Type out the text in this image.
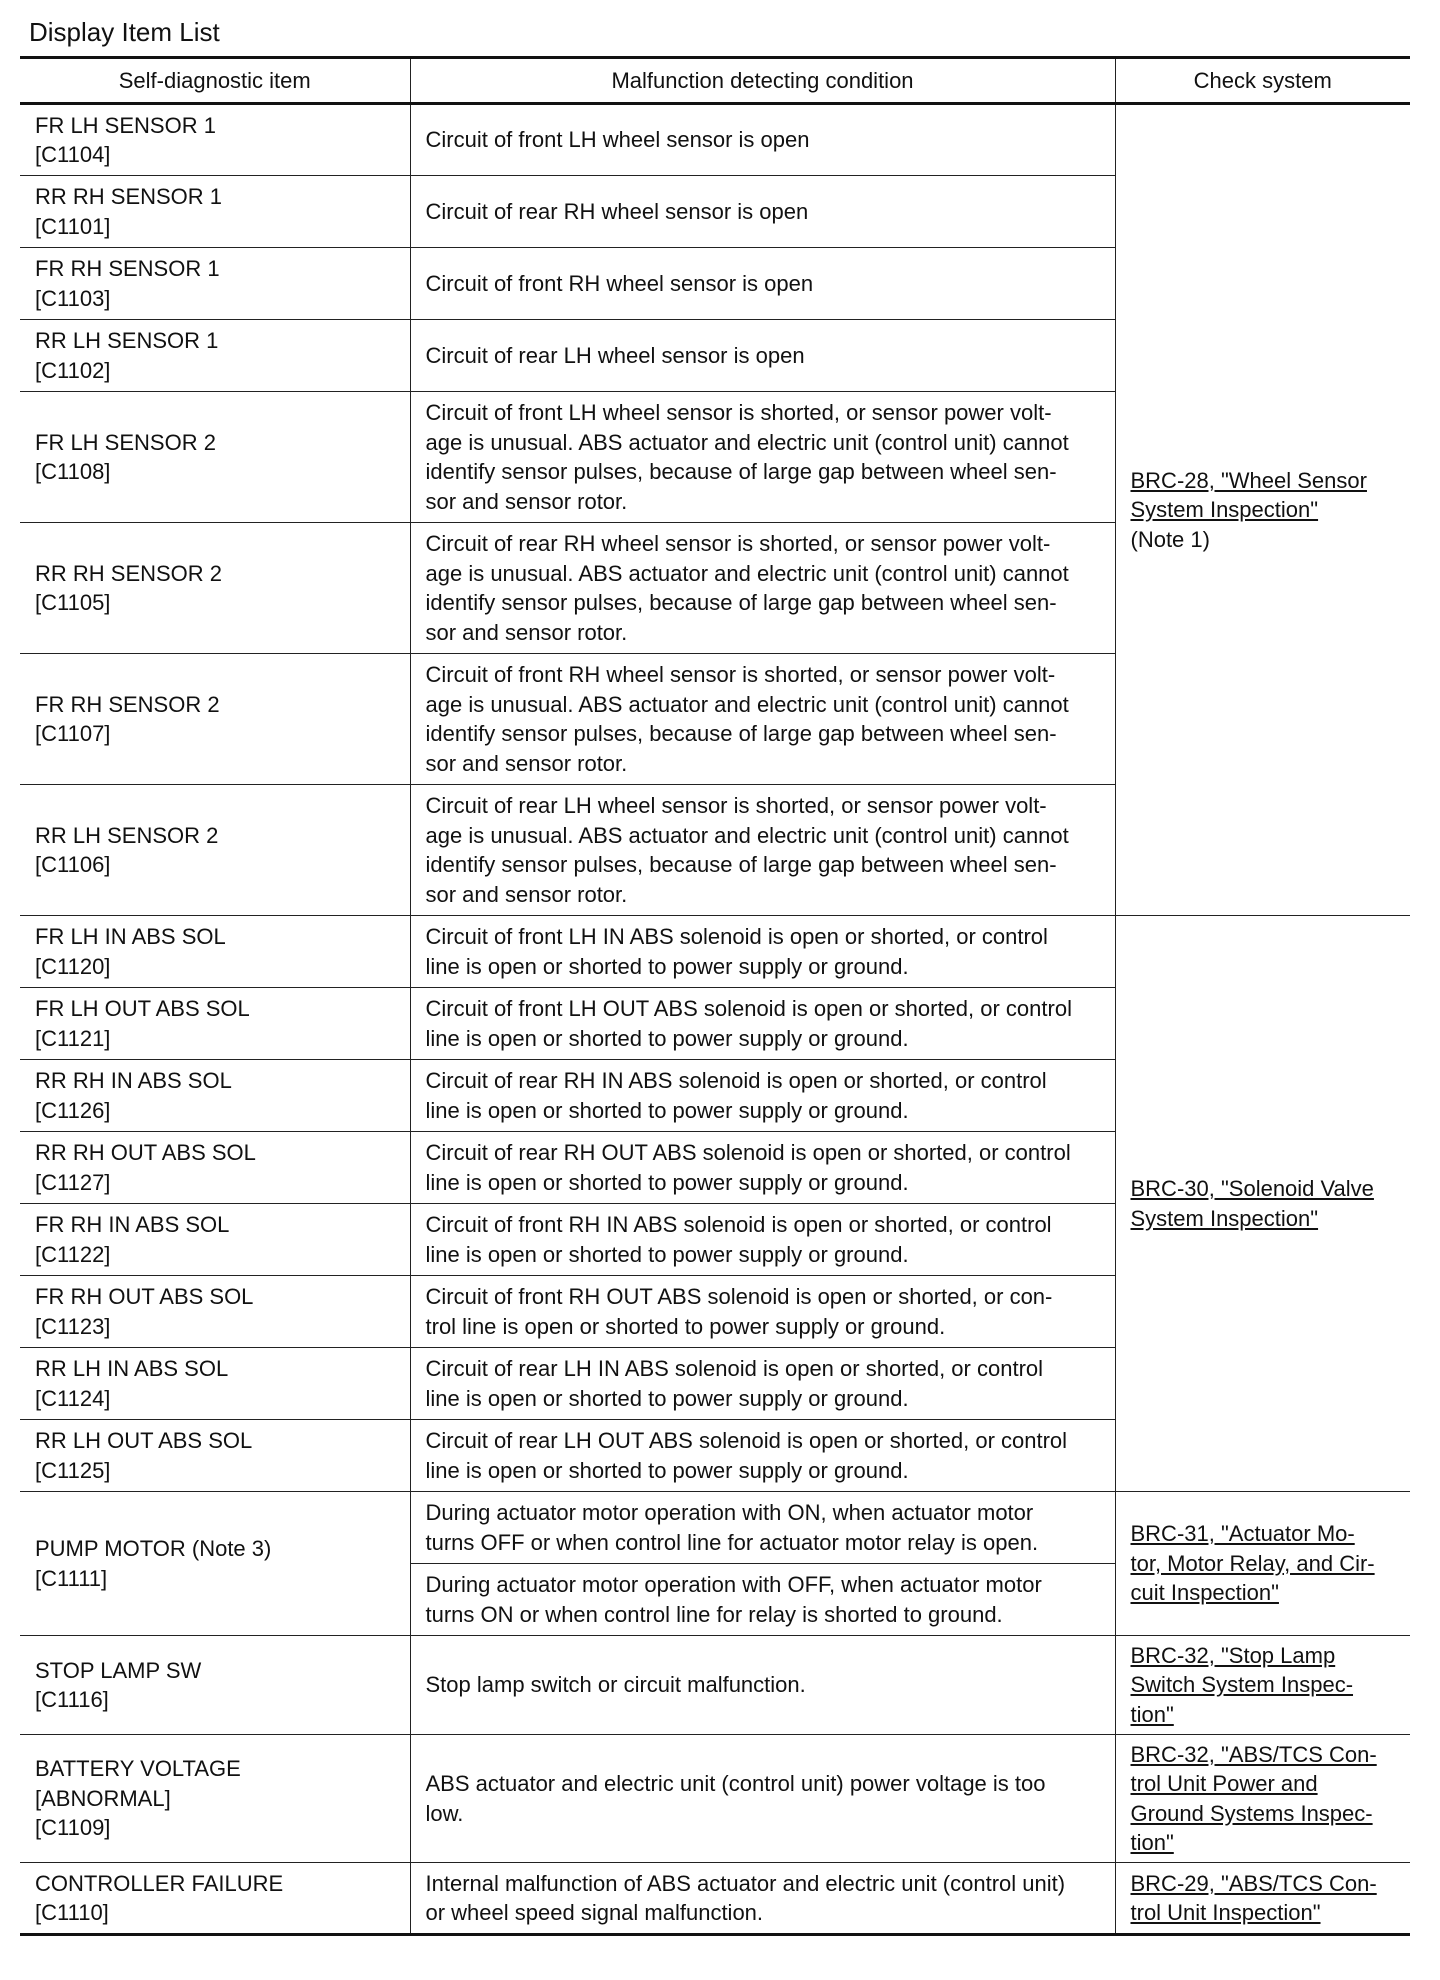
Display Item List
Self-diagnostic item	Malfunction detecting condition	Check system

FR LH SENSOR 1
[C1104]	Circuit of front LH wheel sensor is open	BRC-28, "Wheel Sensor
System Inspection"
(Note 1)

RR RH SENSOR 1
[C1101]	Circuit of rear RH wheel sensor is open	

FR RH SENSOR 1
[C1103]	Circuit of front RH wheel sensor is open	

RR LH SENSOR 1
[C1102]	Circuit of rear LH wheel sensor is open	

FR LH SENSOR 2
[C1108]	Circuit of front LH wheel sensor is shorted, or sensor power volt-
age is unusual. ABS actuator and electric unit (control unit) cannot
identify sensor pulses, because of large gap between wheel sen-
sor and sensor rotor.	

RR RH SENSOR 2
[C1105]	Circuit of rear RH wheel sensor is shorted, or sensor power volt-
age is unusual. ABS actuator and electric unit (control unit) cannot
identify sensor pulses, because of large gap between wheel sen-
sor and sensor rotor.	

FR RH SENSOR 2
[C1107]	Circuit of front RH wheel sensor is shorted, or sensor power volt-
age is unusual. ABS actuator and electric unit (control unit) cannot
identify sensor pulses, because of large gap between wheel sen-
sor and sensor rotor.	

RR LH SENSOR 2
[C1106]	Circuit of rear LH wheel sensor is shorted, or sensor power volt-
age is unusual. ABS actuator and electric unit (control unit) cannot
identify sensor pulses, because of large gap between wheel sen-
sor and sensor rotor.	

FR LH IN ABS SOL
[C1120]	Circuit of front LH IN ABS solenoid is open or shorted, or control
line is open or shorted to power supply or ground.	BRC-30, "Solenoid Valve
System Inspection"

FR LH OUT ABS SOL
[C1121]	Circuit of front LH OUT ABS solenoid is open or shorted, or control
line is open or shorted to power supply or ground.	

RR RH IN ABS SOL
[C1126]	Circuit of rear RH IN ABS solenoid is open or shorted, or control
line is open or shorted to power supply or ground.	

RR RH OUT ABS SOL
[C1127]	Circuit of rear RH OUT ABS solenoid is open or shorted, or control
line is open or shorted to power supply or ground.	

FR RH IN ABS SOL
[C1122]	Circuit of front RH IN ABS solenoid is open or shorted, or control
line is open or shorted to power supply or ground.	

FR RH OUT ABS SOL
[C1123]	Circuit of front RH OUT ABS solenoid is open or shorted, or con-
trol line is open or shorted to power supply or ground.	

RR LH IN ABS SOL
[C1124]	Circuit of rear LH IN ABS solenoid is open or shorted, or control
line is open or shorted to power supply or ground.	

RR LH OUT ABS SOL
[C1125]	Circuit of rear LH OUT ABS solenoid is open or shorted, or control
line is open or shorted to power supply or ground.	

PUMP MOTOR (Note 3)
[C1111]	During actuator motor operation with ON, when actuator motor
turns OFF or when control line for actuator motor relay is open.	BRC-31, "Actuator Mo-
tor, Motor Relay, and Cir-
cuit Inspection"

	During actuator motor operation with OFF, when actuator motor
turns ON or when control line for relay is shorted to ground.	

STOP LAMP SW
[C1116]	Stop lamp switch or circuit malfunction.	BRC-32, "Stop Lamp
Switch System Inspec-
tion"

BATTERY VOLTAGE
[ABNORMAL]
[C1109]	ABS actuator and electric unit (control unit) power voltage is too
low.	BRC-32, "ABS/TCS Con-
trol Unit Power and
Ground Systems Inspec-
tion"

CONTROLLER FAILURE
[C1110]	Internal malfunction of ABS actuator and electric unit (control unit)
or wheel speed signal malfunction.	BRC-29, "ABS/TCS Con-
trol Unit Inspection"
